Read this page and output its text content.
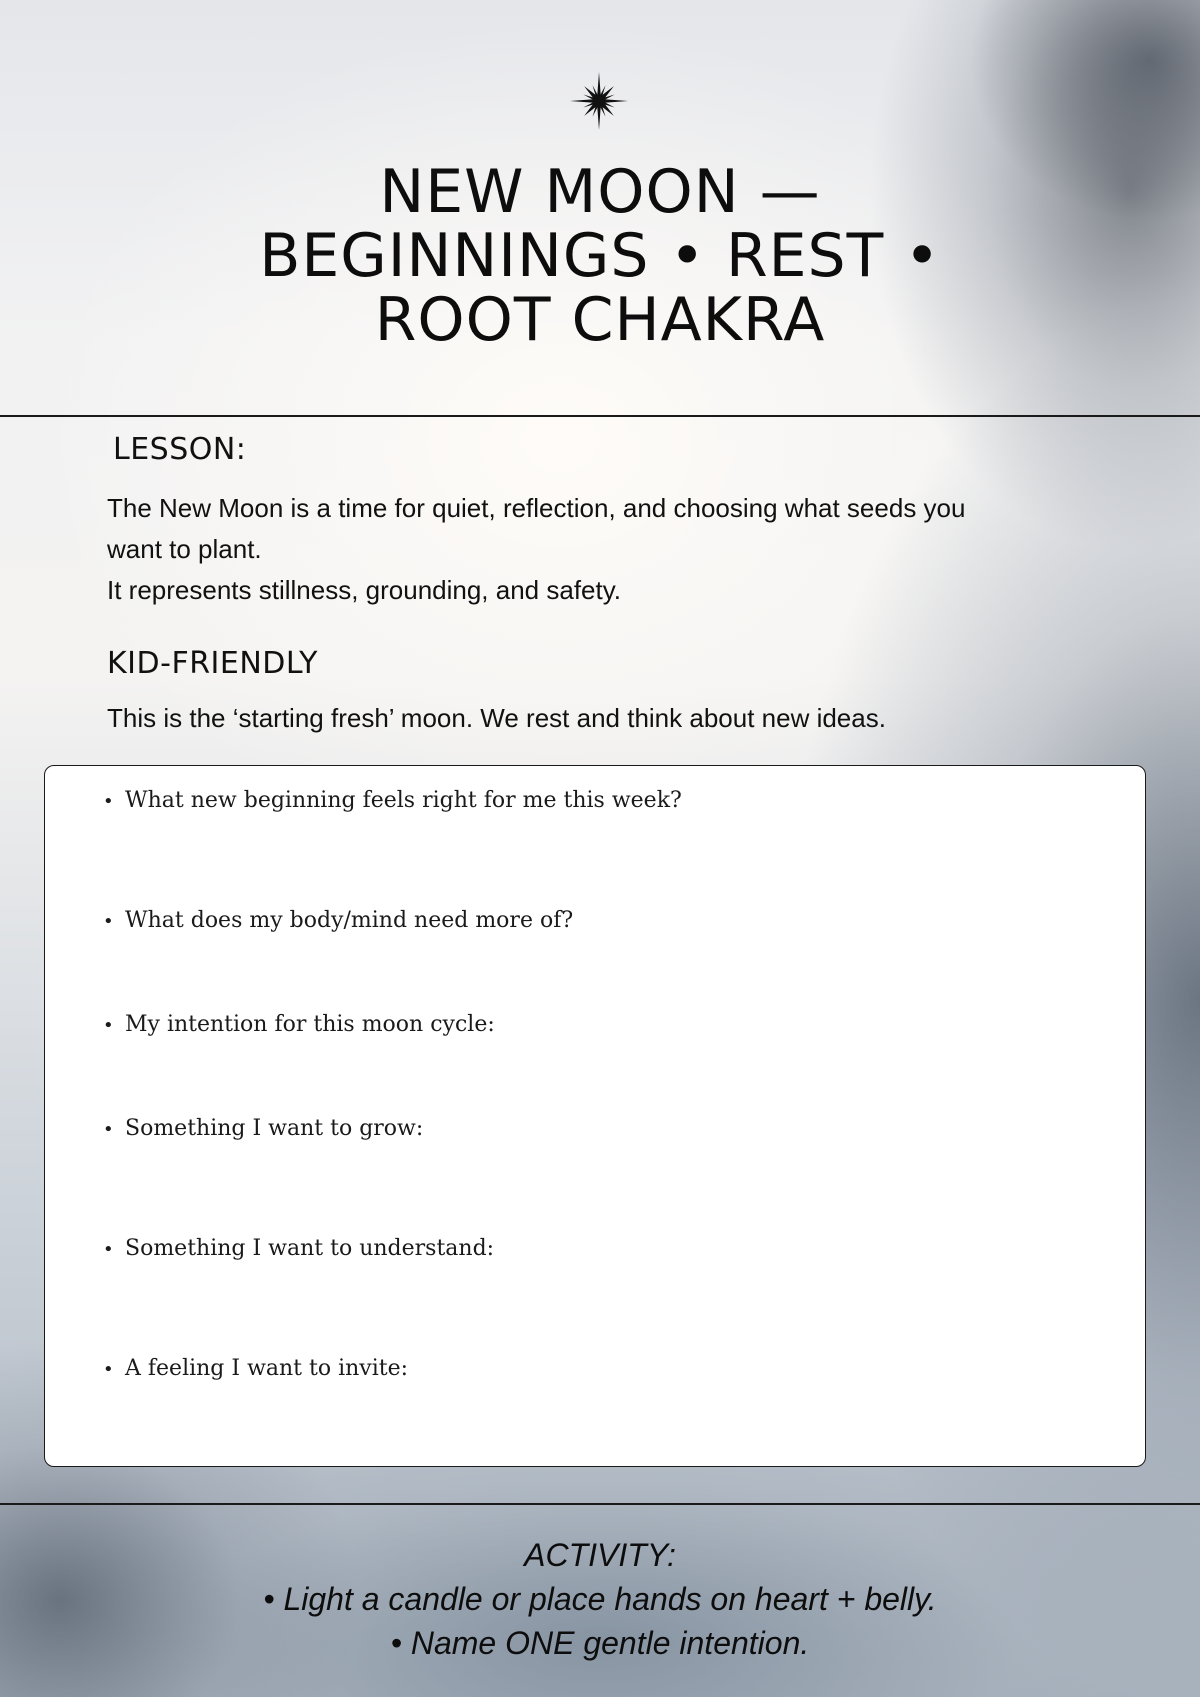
NEW MOON —
BEGINNINGS • REST •
ROOT CHAKRA
LESSON:
The New Moon is a time for quiet, reflection, and choosing what seeds you
want to plant.
It represents stillness, grounding, and safety.
KID-FRIENDLY
This is the ‘starting fresh’ moon. We rest and think about new ideas.

• What new beginning feels right for me this week?

• What does my body/mind need more of?

• My intention for this moon cycle:

• Something I want to grow:

• Something I want to understand:

• A feeling I want to invite:

ACTIVITY:
• Light a candle or place hands on heart + belly.
• Name ONE gentle intention.
